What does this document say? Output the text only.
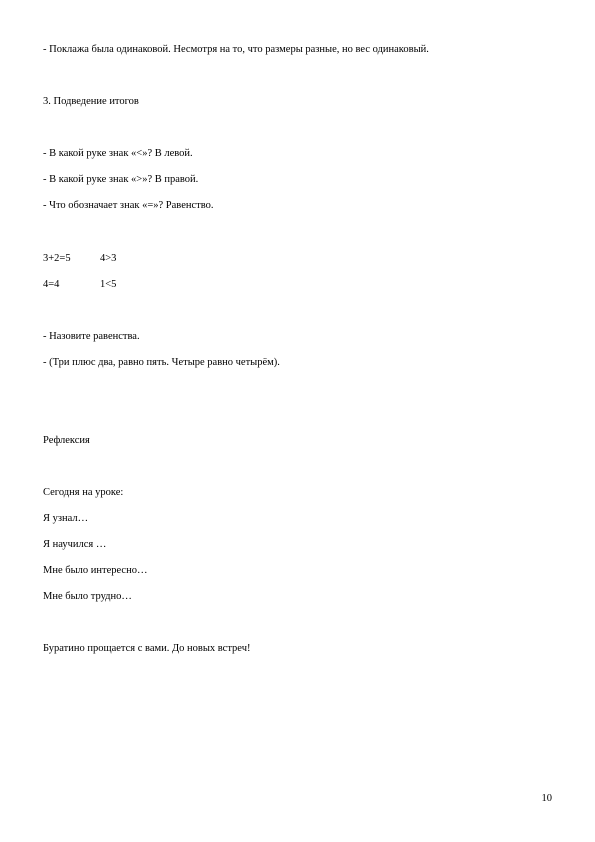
- Поклажа была одинаковой. Несмотря на то, что размеры разные, но вес одинаковый.
3. Подведение итогов
- В какой руке знак «<»? В левой.
- В какой руке знак «>»? В правой.
- Что обозначает знак «=»? Равенство.
3+2=5	4>3
4=4	1<5
- Назовите равенства.
- (Три плюс два, равно пять. Четыре равно четырём).
Рефлексия
Сегодня на уроке:
Я узнал…
Я научился …
Мне было интересно…
Мне было трудно…
Буратино прощается с вами. До новых встреч!
10
